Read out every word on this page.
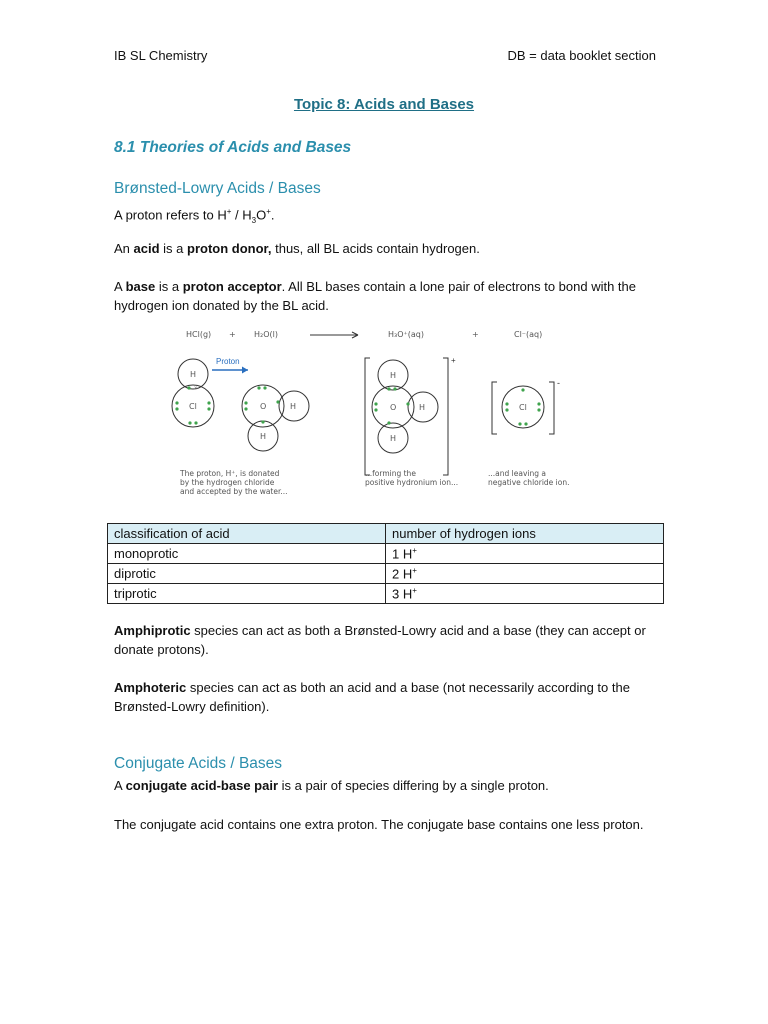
IB SL Chemistry	DB = data booklet section
Topic 8: Acids and Bases
8.1 Theories of Acids and Bases
Brønsted-Lowry Acids / Bases
A proton refers to $H^+ / H_3O^+$.
An acid is a proton donor, thus, all BL acids contain hydrogen.
A base is a proton acceptor. All BL bases contain a lone pair of electrons to bond with the hydrogen ion donated by the BL acid.
HCl(g) + H₂O(l)	H₃O⁺(aq)	+	Cl⁻(aq)
H
Cl
×
Proton
O	H
H
+
O
H
H
H
-
Cl
The proton, H⁺, is donated
by the hydrogen chloride
and accepted by the water...
...forming the
positive hydronium ion...
...and leaving a
negative chloride ion.
classification of acid	number of hydrogen ions
monoprotic	1 H+
diprotic	2 H+
triprotic	3 H+
Amphiprotic species can act as both a Brønsted-Lowry acid and a base (they can accept or donate protons).
Amphoteric species can act as both an acid and a base (not necessarily according to the Brønsted-Lowry definition).
Conjugate Acids / Bases
A conjugate acid-base pair is a pair of species differing by a single proton.
The conjugate acid contains one extra proton. The conjugate base contains one less proton.
